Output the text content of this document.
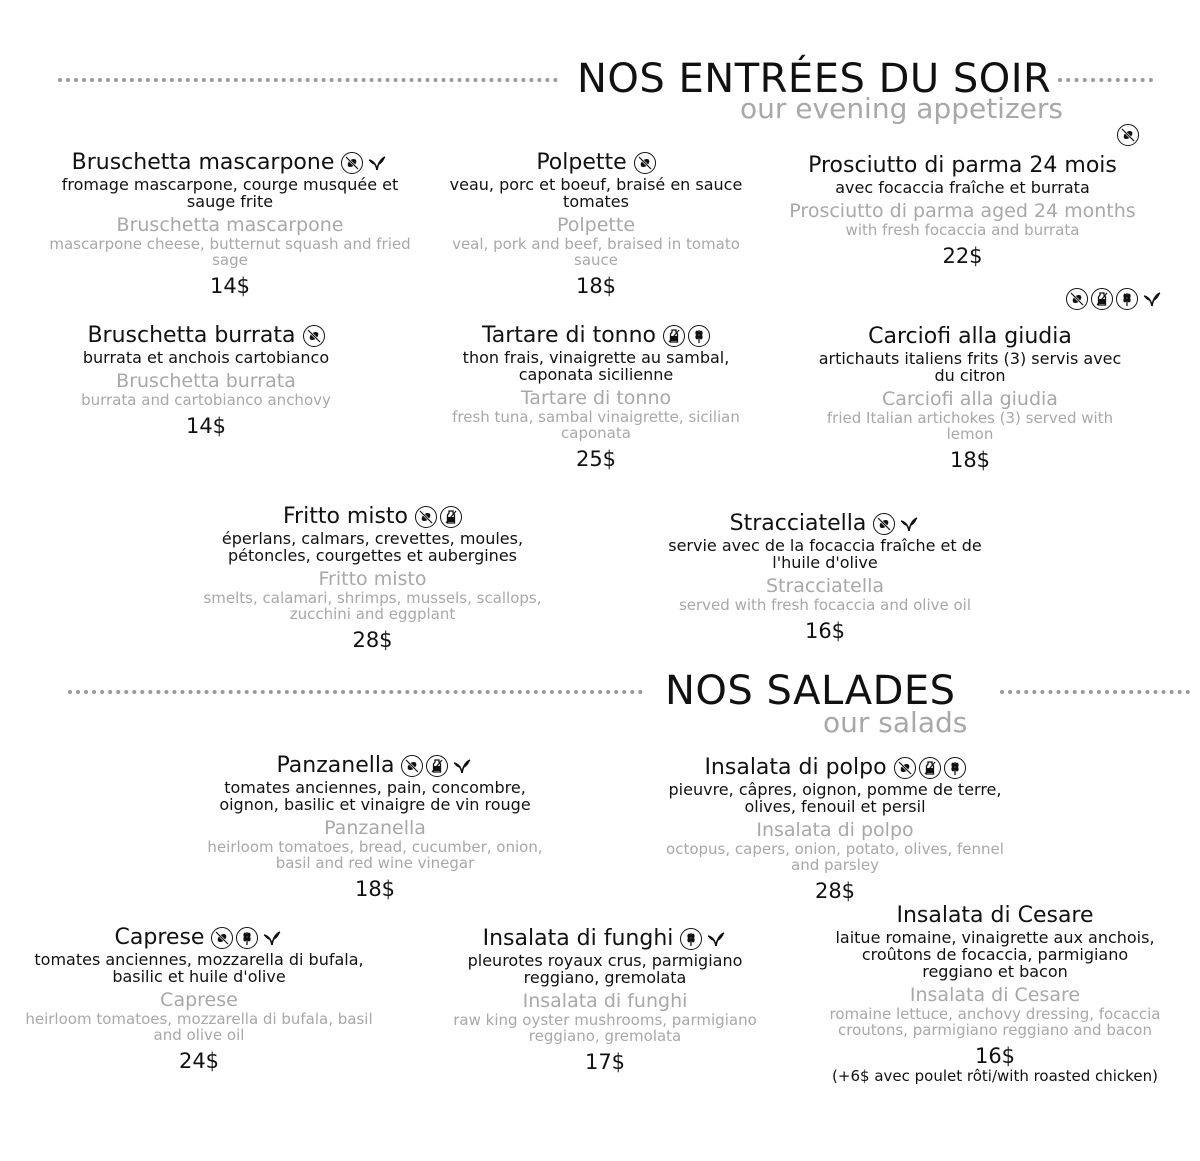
NOS ENTRÉES DU SOIR
our evening appetizers
Bruschetta mascarpone
fromage mascarpone, courge musquée et sauge frite
Bruschetta mascarpone
mascarpone cheese, butternut squash and fried sage
14$
Polpette
veau, porc et boeuf, braisé en sauce tomates
Polpette
veal, pork and beef, braised in tomato sauce
18$
Prosciutto di parma 24 mois
avec focaccia fraîche et burrata
Prosciutto di parma aged 24 months
with fresh focaccia and burrata
22$
Bruschetta burrata
burrata et anchois cartobianco
Bruschetta burrata
burrata and cartobianco anchovy
14$
Tartare di tonno
thon frais, vinaigrette au sambal, caponata sicilienne
Tartare di tonno
fresh tuna, sambal vinaigrette, sicilian caponata
25$
Carciofi alla giudia
artichauts italiens frits (3) servis avec du citron
Carciofi alla giudia
fried Italian artichokes (3) served with lemon
18$
Fritto misto
éperlans, calmars, crevettes, moules, pétoncles, courgettes et aubergines
Fritto misto
smelts, calamari, shrimps, mussels, scallops, zucchini and eggplant
28$
Stracciatella
servie avec de la focaccia fraîche et de l'huile d'olive
Stracciatella
served with fresh focaccia and olive oil
16$
NOS SALADES
our salads
Panzanella
tomates anciennes, pain, concombre, oignon, basilic et vinaigre de vin rouge
Panzanella
heirloom tomatoes, bread, cucumber, onion, basil and red wine vinegar
18$
Insalata di polpo
pieuvre, câpres, oignon, pomme de terre, olives, fenouil et persil
Insalata di polpo
octopus, capers, onion, potato, olives, fennel and parsley
28$
Caprese
tomates anciennes, mozzarella di bufala, basilic et huile d'olive
Caprese
heirloom tomatoes, mozzarella di bufala, basil and olive oil
24$
Insalata di funghi
pleurotes royaux crus, parmigiano reggiano, gremolata
Insalata di funghi
raw king oyster mushrooms, parmigiano reggiano, gremolata
17$
Insalata di Cesare
laitue romaine, vinaigrette aux anchois, croûtons de focaccia, parmigiano reggiano et bacon
Insalata di Cesare
romaine lettuce, anchovy dressing, focaccia croutons, parmigiano reggiano and bacon
16$
(+6$ avec poulet rôti/with roasted chicken)
